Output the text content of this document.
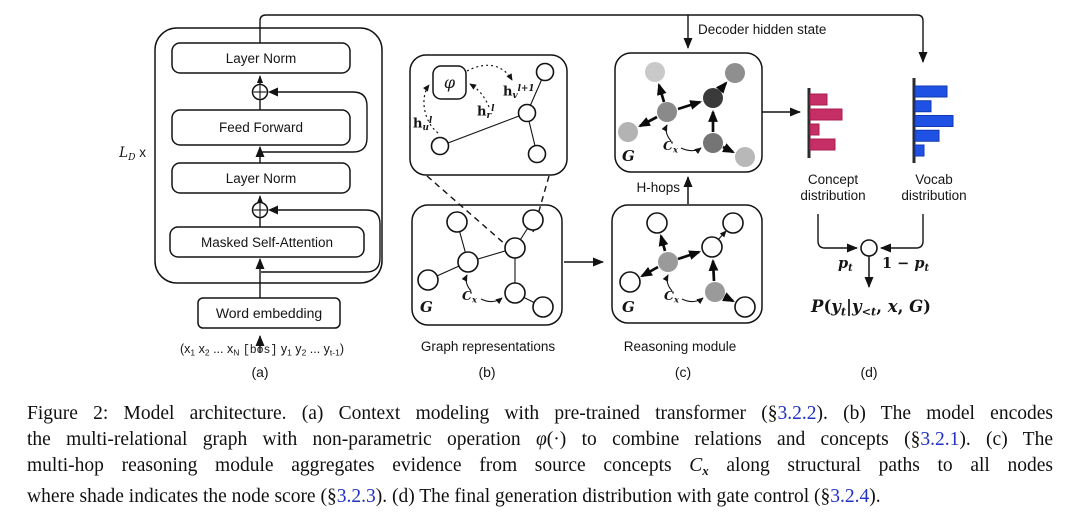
Decoder hidden state
$L_D$ x
Layer Norm
Feed Forward
Layer Norm
Masked Self-Attention
Word embedding
($x_1$ $x_2$ ... $x_N$ [bos] $y_1$ $y_2$ ... $y_{t-1}$)
(a)
φ
$h_u^l$
$h_r^l$
$h_v^{l+1}$
G
$C_x$
Graph representations
(b)
H-hops
G
$C_x$
G
$C_x$
Reasoning module
(c)
Concept
distribution
Vocab
distribution
$p_t$ $1 - p_t$
$P(y_t|y_{<t}$, x, G)
(d)
Figure 2: Model architecture. (a) Context modeling with pre-trained transformer (§3.2.2). (b) The model encodes
the multi-relational graph with non-parametric operation φ(·) to combine relations and concepts (§3.2.1). (c) The
multi-hop reasoning module aggregates evidence from source concepts $C_x$ along structural paths to all nodes
where shade indicates the node score (§3.2.3). (d) The final generation distribution with gate control (§3.2.4).
